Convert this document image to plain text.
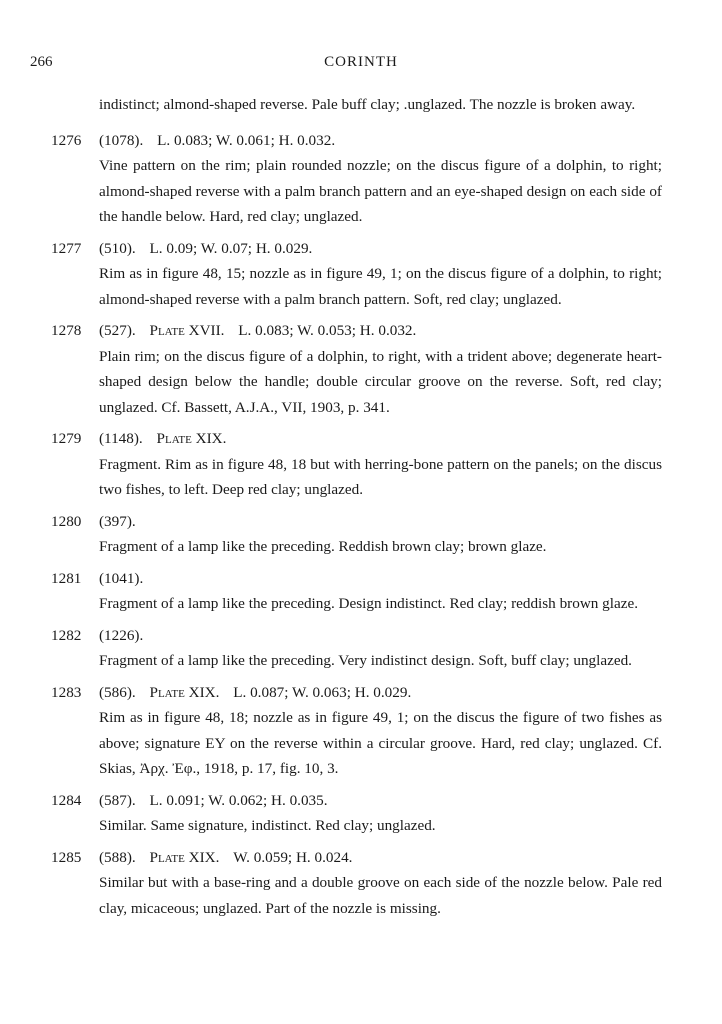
266	CORINTH
indistinct; almond-shaped reverse. Pale buff clay; .unglazed. The nozzle is broken away.
1276 (1078). L. 0.083; W. 0.061; H. 0.032.
Vine pattern on the rim; plain rounded nozzle; on the discus figure of a dolphin, to right; almond-shaped reverse with a palm branch pattern and an eye-shaped design on each side of the handle below. Hard, red clay; unglazed.
1277 (510). L. 0.09; W. 0.07; H. 0.029.
Rim as in figure 48, 15; nozzle as in figure 49, 1; on the discus figure of a dolphin, to right; almond-shaped reverse with a palm branch pattern. Soft, red clay; unglazed.
1278 (527). Plate XVII. L. 0.083; W. 0.053; H. 0.032.
Plain rim; on the discus figure of a dolphin, to right, with a trident above; degenerate heart-shaped design below the handle; double circular groove on the reverse. Soft, red clay; unglazed. Cf. Bassett, A.J.A., VII, 1903, p. 341.
1279 (1148). Plate XIX.
Fragment. Rim as in figure 48, 18 but with herring-bone pattern on the panels; on the discus two fishes, to left. Deep red clay; unglazed.
1280 (397).
Fragment of a lamp like the preceding. Reddish brown clay; brown glaze.
1281 (1041).
Fragment of a lamp like the preceding. Design indistinct. Red clay; reddish brown glaze.
1282 (1226).
Fragment of a lamp like the preceding. Very indistinct design. Soft, buff clay; unglazed.
1283 (586). Plate XIX. L. 0.087; W. 0.063; H. 0.029.
Rim as in figure 48, 18; nozzle as in figure 49, 1; on the discus the figure of two fishes as above; signature EY on the reverse within a circular groove. Hard, red clay; unglazed. Cf. Skias, Ἀρχ. Ἐφ., 1918, p. 17, fig. 10, 3.
1284 (587). L. 0.091; W. 0.062; H. 0.035.
Similar. Same signature, indistinct. Red clay; unglazed.
1285 (588). Plate XIX. W. 0.059; H. 0.024.
Similar but with a base-ring and a double groove on each side of the nozzle below. Pale red clay, micaceous; unglazed. Part of the nozzle is missing.
